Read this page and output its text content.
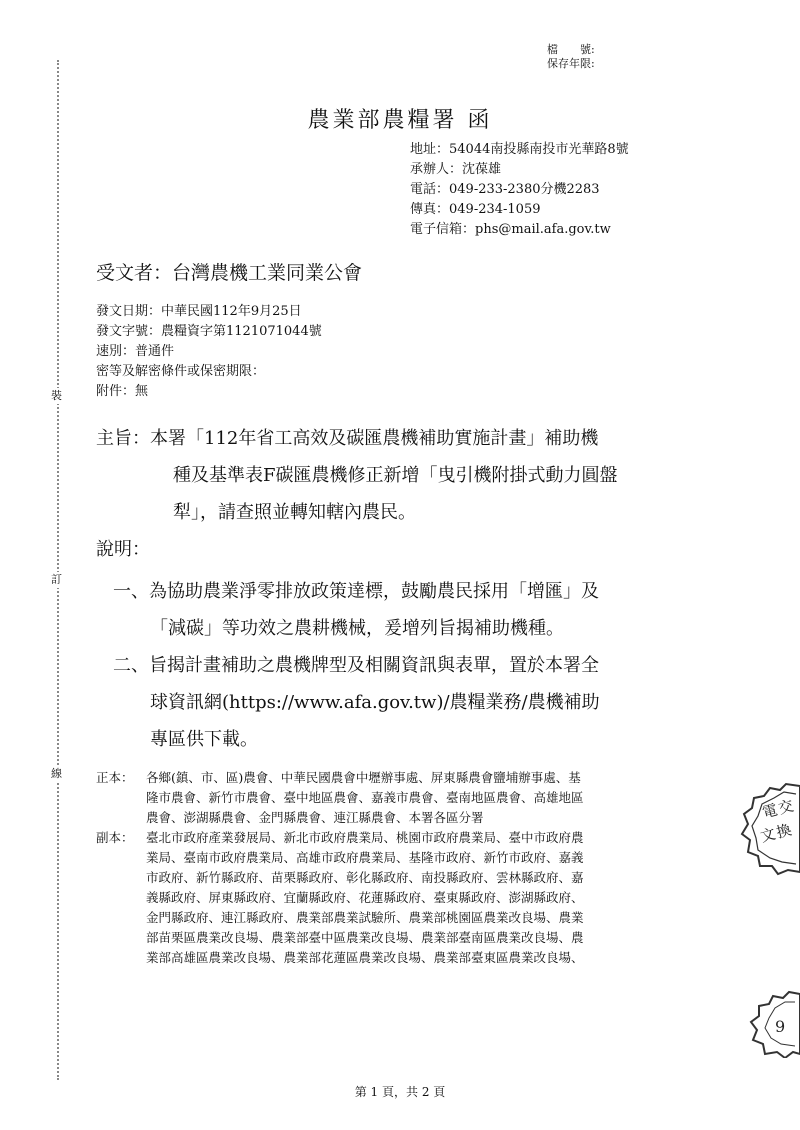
裝
訂
線
檔　　號:
保存年限:
農業部農糧署 函
地址：54044南投縣南投市光華路8號
承辦人：沈葆雄
電話：049-233-2380分機2283
傳真：049-234-1059
電子信箱：phs@mail.afa.gov.tw
受文者：台灣農機工業同業公會
發文日期：中華民國112年9月25日
發文字號：農糧資字第1121071044號
速別：普通件
密等及解密條件或保密期限：
附件：無
主旨：本署「112年省工高效及碳匯農機補助實施計畫」補助機
種及基準表F碳匯農機修正新增「曳引機附掛式動力圓盤
犁」，請查照並轉知轄內農民。
說明：
一、為協助農業淨零排放政策達標，鼓勵農民採用「增匯」及
「減碳」等功效之農耕機械，爰增列旨揭補助機種。
二、旨揭計畫補助之農機牌型及相關資訊與表單，置於本署全
球資訊網(https://www.afa.gov.tw)/農糧業務/農機補助
專區供下載。
正本： 各鄉(鎮、市、區)農會、中華民國農會中壢辦事處、屏東縣農會鹽埔辦事處、基
隆市農會、新竹市農會、臺中地區農會、嘉義市農會、臺南地區農會、高雄地區
農會、澎湖縣農會、金門縣農會、連江縣農會、本署各區分署
副本： 臺北市政府產業發展局、新北市政府農業局、桃園市政府農業局、臺中市政府農
業局、臺南市政府農業局、高雄市政府農業局、基隆市政府、新竹市政府、嘉義
市政府、新竹縣政府、苗栗縣政府、彰化縣政府、南投縣政府、雲林縣政府、嘉
義縣政府、屏東縣政府、宜蘭縣政府、花蓮縣政府、臺東縣政府、澎湖縣政府、
金門縣政府、連江縣政府、農業部農業試驗所、農業部桃園區農業改良場、農業
部苗栗區農業改良場、農業部臺中區農業改良場、農業部臺南區農業改良場、農
業部高雄區農業改良場、農業部花蓮區農業改良場、農業部臺東區農業改良場、
電
交
文
換
9
第 1 頁，共 2 頁
